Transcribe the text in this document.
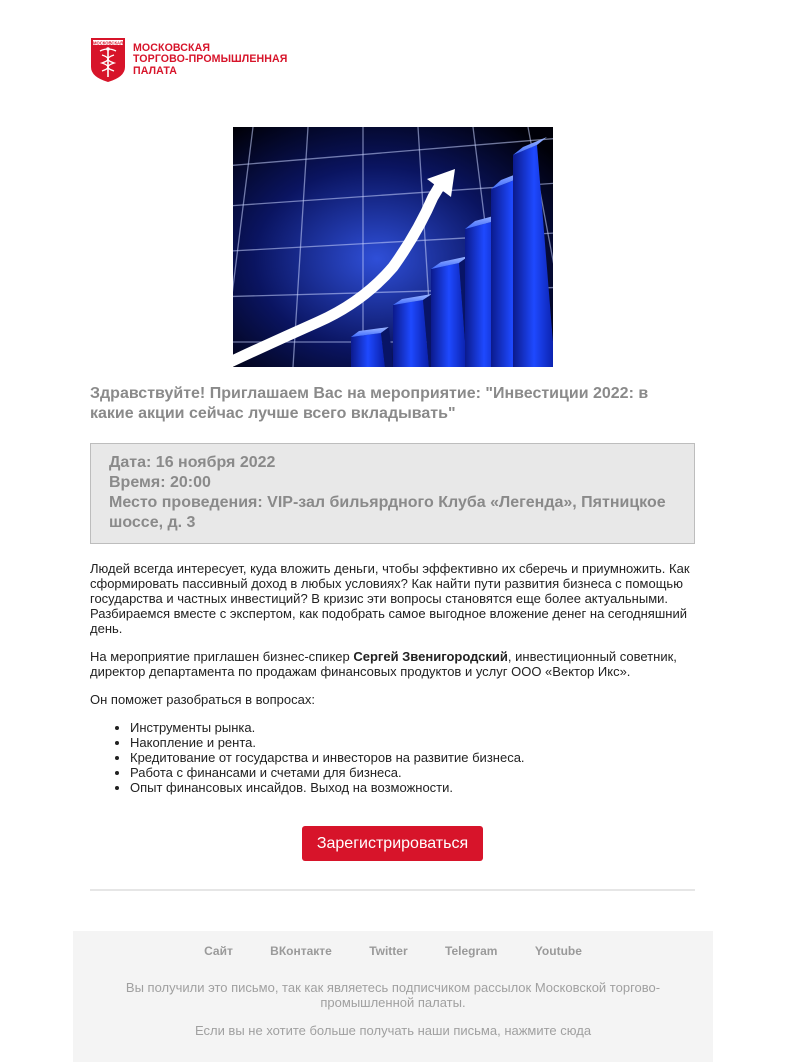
МОСКОВСКАЯ МОСКОВСКАЯ
ТОРГОВО-ПРОМЫШЛЕННАЯ
ПАЛАТА
Здравствуйте! Приглашаем Вас на мероприятие: "Инвестиции 2022: в какие акции сейчас лучше всего вкладывать"
Дата: 16 ноября 2022
Время: 20:00
Место проведения: VIP-зал бильярдного Клуба «Легенда», Пятницкое шоссе, д. 3

Людей всегда интересует, куда вложить деньги, чтобы эффективно их сберечь и приумножить. Как сформировать пассивный доход в любых условиях? Как найти пути развития бизнеса с помощью государства и частных инвестиций? В кризис эти вопросы становятся еще более актуальными. Разбираемся вместе с экспертом, как подобрать самое выгодное вложение денег на сегодняшний день.

На мероприятие приглашен бизнес-спикер Сергей Звенигородский, инвестиционный советник, директор департамента по продажам финансовых продуктов и услуг ООО «Вектор Икс».

Он поможет разобраться в вопросах:

• Инструменты рынка.
• Накопление и рента.
• Кредитование от государства и инвесторов на развитие бизнеса.
• Работа с финансами и счетами для бизнеса.
• Опыт финансовых инсайдов. Выход на возможности.
Зарегистрироваться
Сайт	ВКонтакте	Twitter	Telegram	Youtube

Вы получили это письмо, так как являетесь подписчиком рассылок Московской торгово-промышленной палаты.

Если вы не хотите больше получать наши письма, нажмите сюда
